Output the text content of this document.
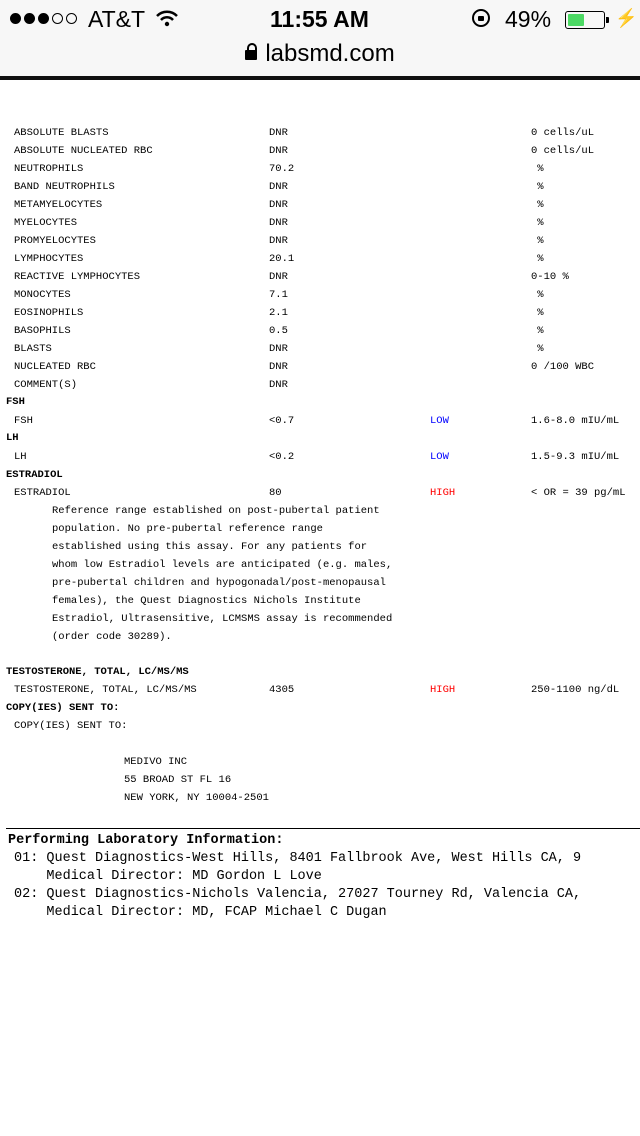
AT&T	11:55 AM	49%	⚡
labsmd.com
ABSOLUTE BLASTS	DNR	0 cells/uL
ABSOLUTE NUCLEATED RBC	DNR	0 cells/uL
NEUTROPHILS	70.2	%
BAND NEUTROPHILS	DNR	%
METAMYELOCYTES	DNR	%
MYELOCYTES	DNR	%
PROMYELOCYTES	DNR	%
LYMPHOCYTES	20.1	%
REACTIVE LYMPHOCYTES	DNR	0-10 %
MONOCYTES	7.1	%
EOSINOPHILS	2.1	%
BASOPHILS	0.5	%
BLASTS	DNR	%
NUCLEATED RBC	DNR	0 /100 WBC
COMMENT(S)	DNR
FSH
FSH	<0.7	LOW	1.6-8.0 mIU/mL
LH
LH	<0.2	LOW	1.5-9.3 mIU/mL
ESTRADIOL
ESTRADIOL	80	HIGH	< OR = 39 pg/mL
Reference range established on post-pubertal patient
population. No pre-pubertal reference range
established using this assay. For any patients for
whom low Estradiol levels are anticipated (e.g. males,
pre-pubertal children and hypogonadal/post-menopausal
females), the Quest Diagnostics Nichols Institute
Estradiol, Ultrasensitive, LCMSMS assay is recommended
(order code 30289).
TESTOSTERONE, TOTAL, LC/MS/MS
TESTOSTERONE, TOTAL, LC/MS/MS	4305	HIGH	250-1100 ng/dL
COPY(IES) SENT TO:
COPY(IES) SENT TO:
MEDIVO INC
55 BROAD ST FL 16
NEW YORK, NY 10004-2501
Performing Laboratory Information:
01: Quest Diagnostics-West Hills, 8401 Fallbrook Ave, West Hills CA, 9
Medical Director: MD Gordon L Love
02: Quest Diagnostics-Nichols Valencia, 27027 Tourney Rd, Valencia CA,
Medical Director: MD, FCAP Michael C Dugan
